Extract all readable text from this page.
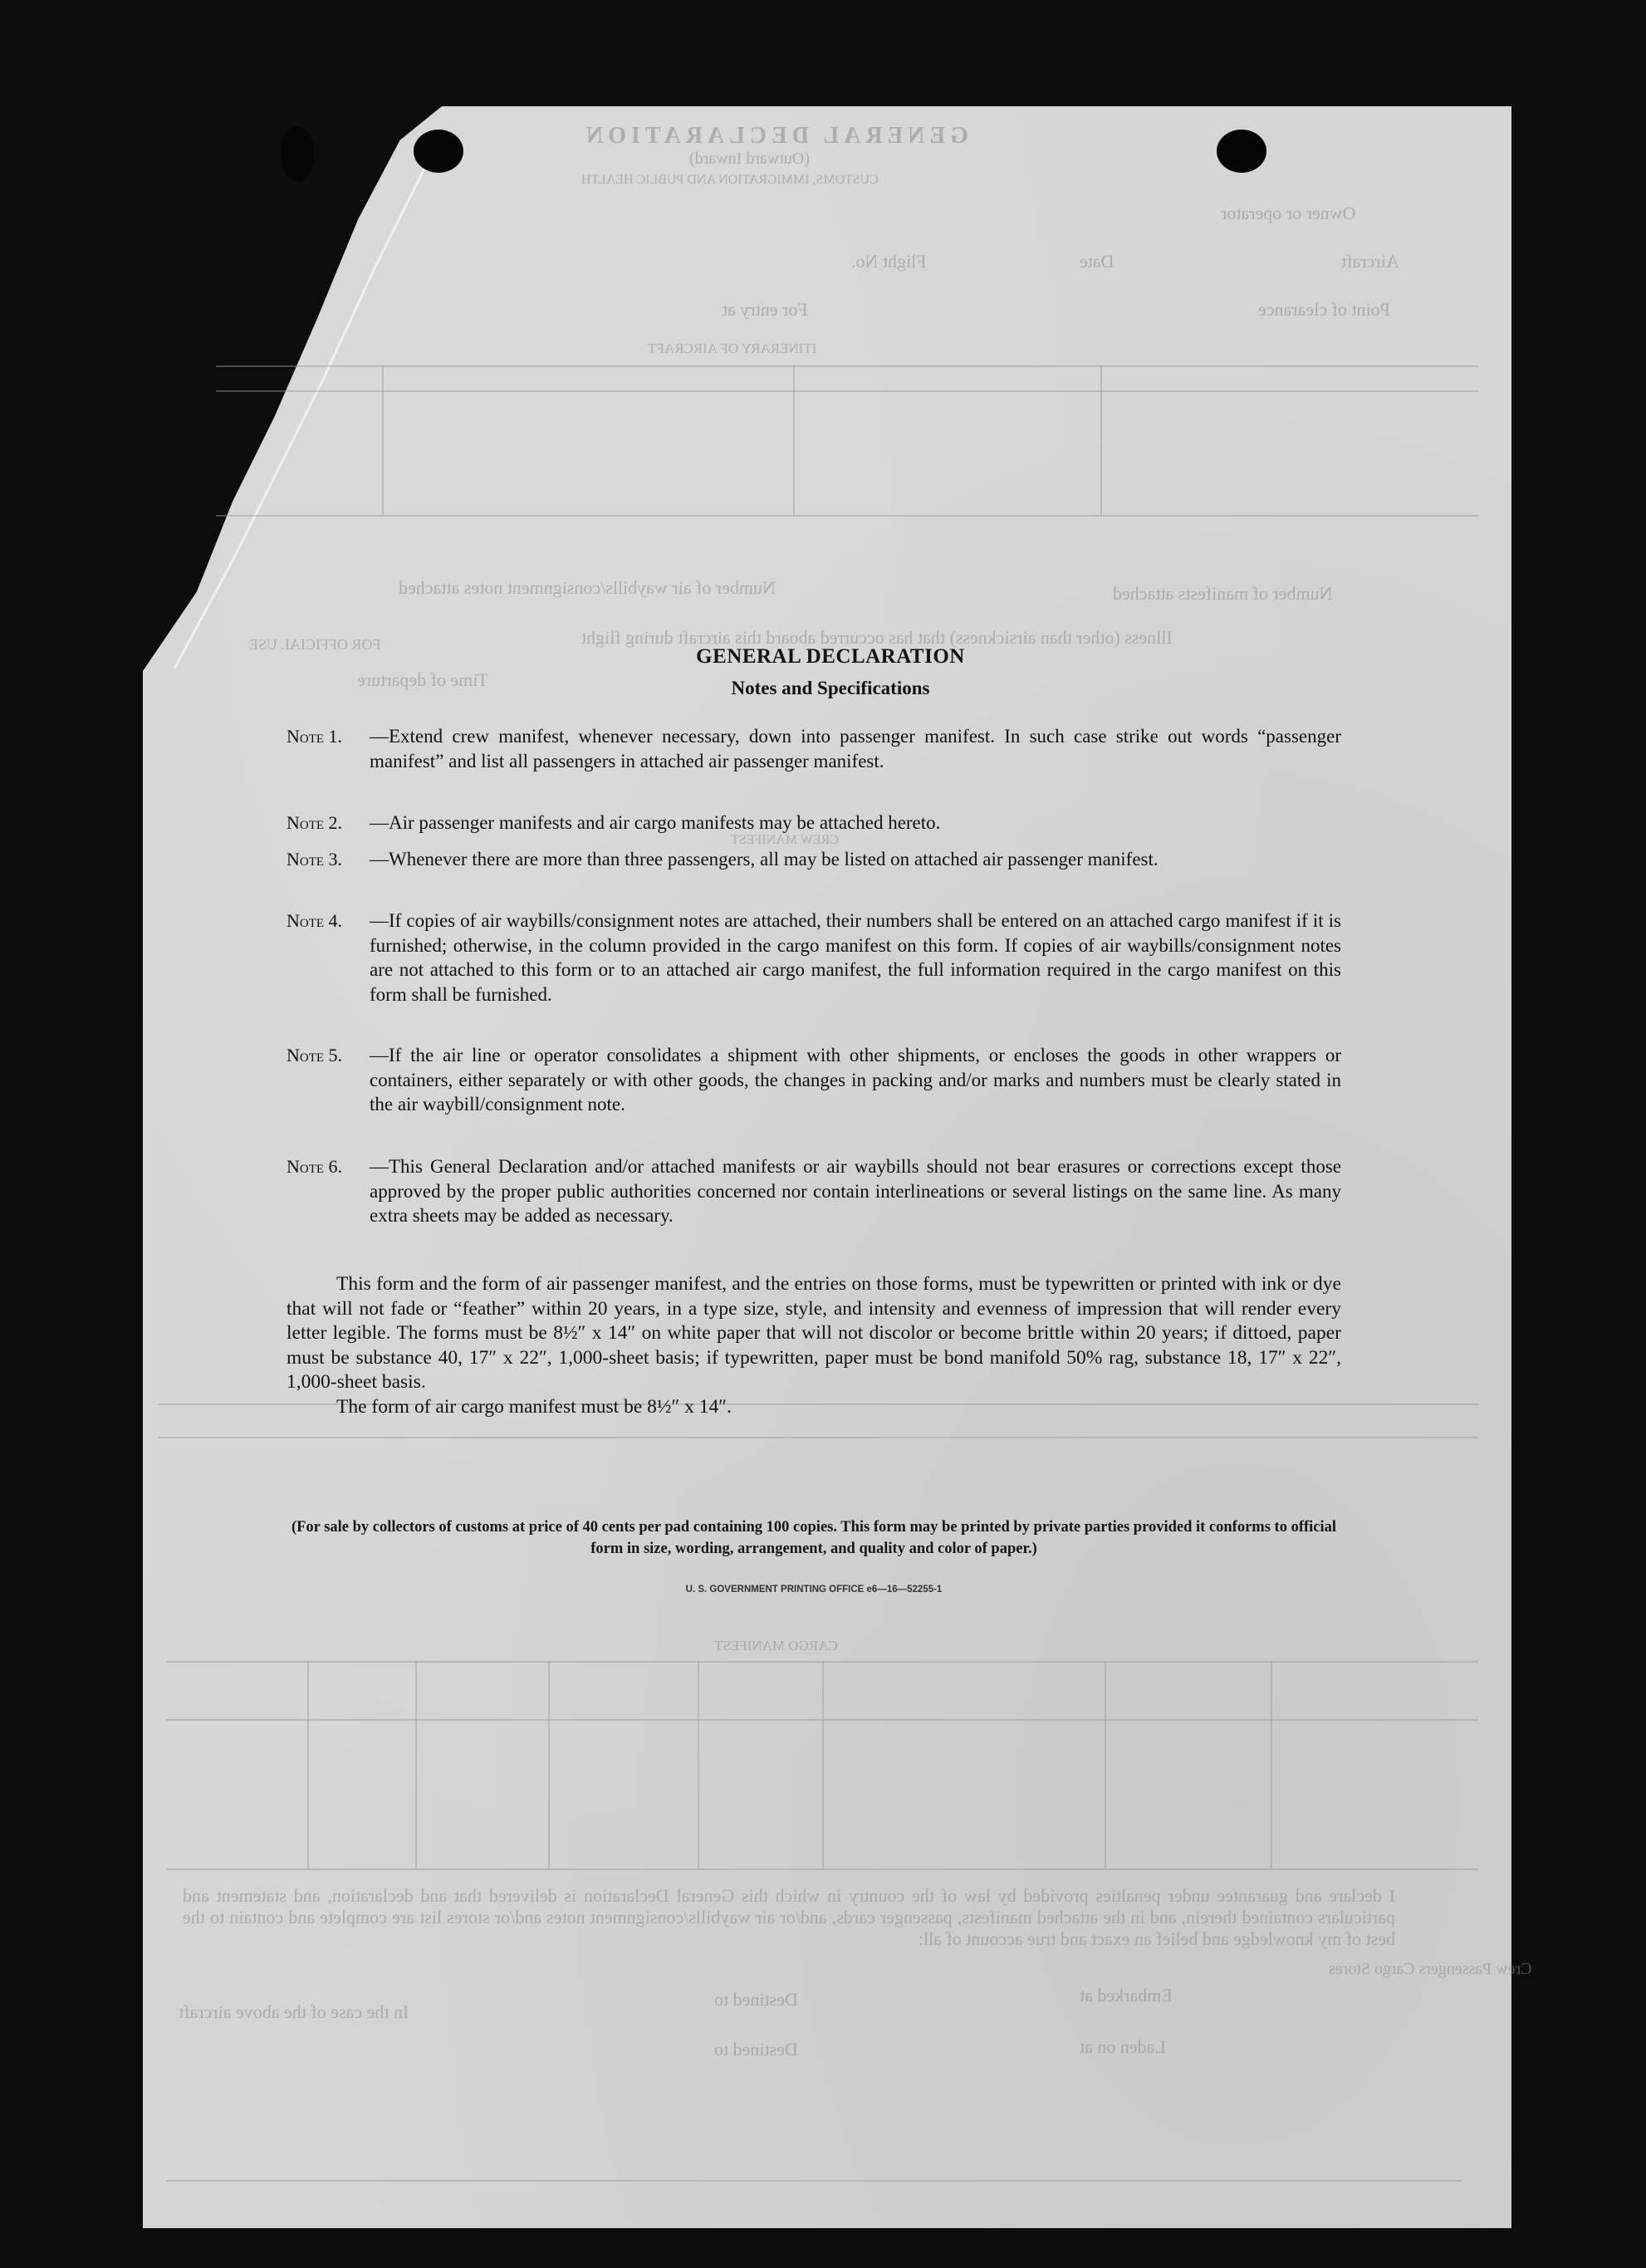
GENERAL DECLARATION
(Outward Inward)
CUSTOMS, IMMIGRATION AND PUBLIC HEALTH
Owner or operator
Aircraft
Flight No.	Date
Point of clearance
For entry at
ITINERARY OF AIRCRAFT
Number of manifests attached
Number of air waybills/consignment notes attached
Illness (other than airsickness) that has occurred aboard this aircraft during flight
FOR OFFICIAL USE
Time of departure
CREW MANIFEST
CARGO MANIFEST
I declare and guarantee under penalties provided by law of the country in which this General Declaration is delivered that and declaration, and statement and particulars contained therein, and in the attached manifests, passenger cards, and/or air waybills/consignment notes and/or stores list are complete and contain to the best of my knowledge and belief an exact and true account of all:
Embarked at
Destined to
Laden on at
Destined to
In the case of the above aircraft
Crew Passengers Cargo Stores
GENERAL DECLARATION
Notes and Specifications
Note 1.	—Extend crew manifest, whenever necessary, down into passenger manifest. In such case strike out words “passenger manifest” and list all passengers in attached air passenger manifest.
Note 2.	—Air passenger manifests and air cargo manifests may be attached hereto.
Note 3.	—Whenever there are more than three passengers, all may be listed on attached air passenger manifest.
Note 4.	—If copies of air waybills/consignment notes are attached, their numbers shall be entered on an attached cargo manifest if it is furnished; otherwise, in the column provided in the cargo manifest on this form. If copies of air waybills/consignment notes are not attached to this form or to an attached air cargo manifest, the full information required in the cargo manifest on this form shall be furnished.
Note 5.	—If the air line or operator consolidates a shipment with other shipments, or encloses the goods in other wrappers or containers, either separately or with other goods, the changes in packing and/or marks and numbers must be clearly stated in the air waybill/consignment note.
Note 6.	—This General Declaration and/or attached manifests or air waybills should not bear erasures or corrections except those approved by the proper public authorities concerned nor contain interlineations or several listings on the same line. As many extra sheets may be added as necessary.

This form and the form of air passenger manifest, and the entries on those forms, must be typewritten or printed with ink or dye that will not fade or “feather” within 20 years, in a type size, style, and intensity and evenness of impression that will render every letter legible. The forms must be 8½″ x 14″ on white paper that will not discolor or become brittle within 20 years; if dittoed, paper must be substance 40, 17″ x 22″, 1,000-sheet basis; if typewritten, paper must be bond manifold 50% rag, substance 18, 17″ x 22″, 1,000-sheet basis.

The form of air cargo manifest must be 8½″ x 14″.

(For sale by collectors of customs at price of 40 cents per pad containing 100 copies. This form may be printed by private parties provided it conforms to official form in size, wording, arrangement, and quality and color of paper.)
U. S. GOVERNMENT PRINTING OFFICE e6—16—52255-1
